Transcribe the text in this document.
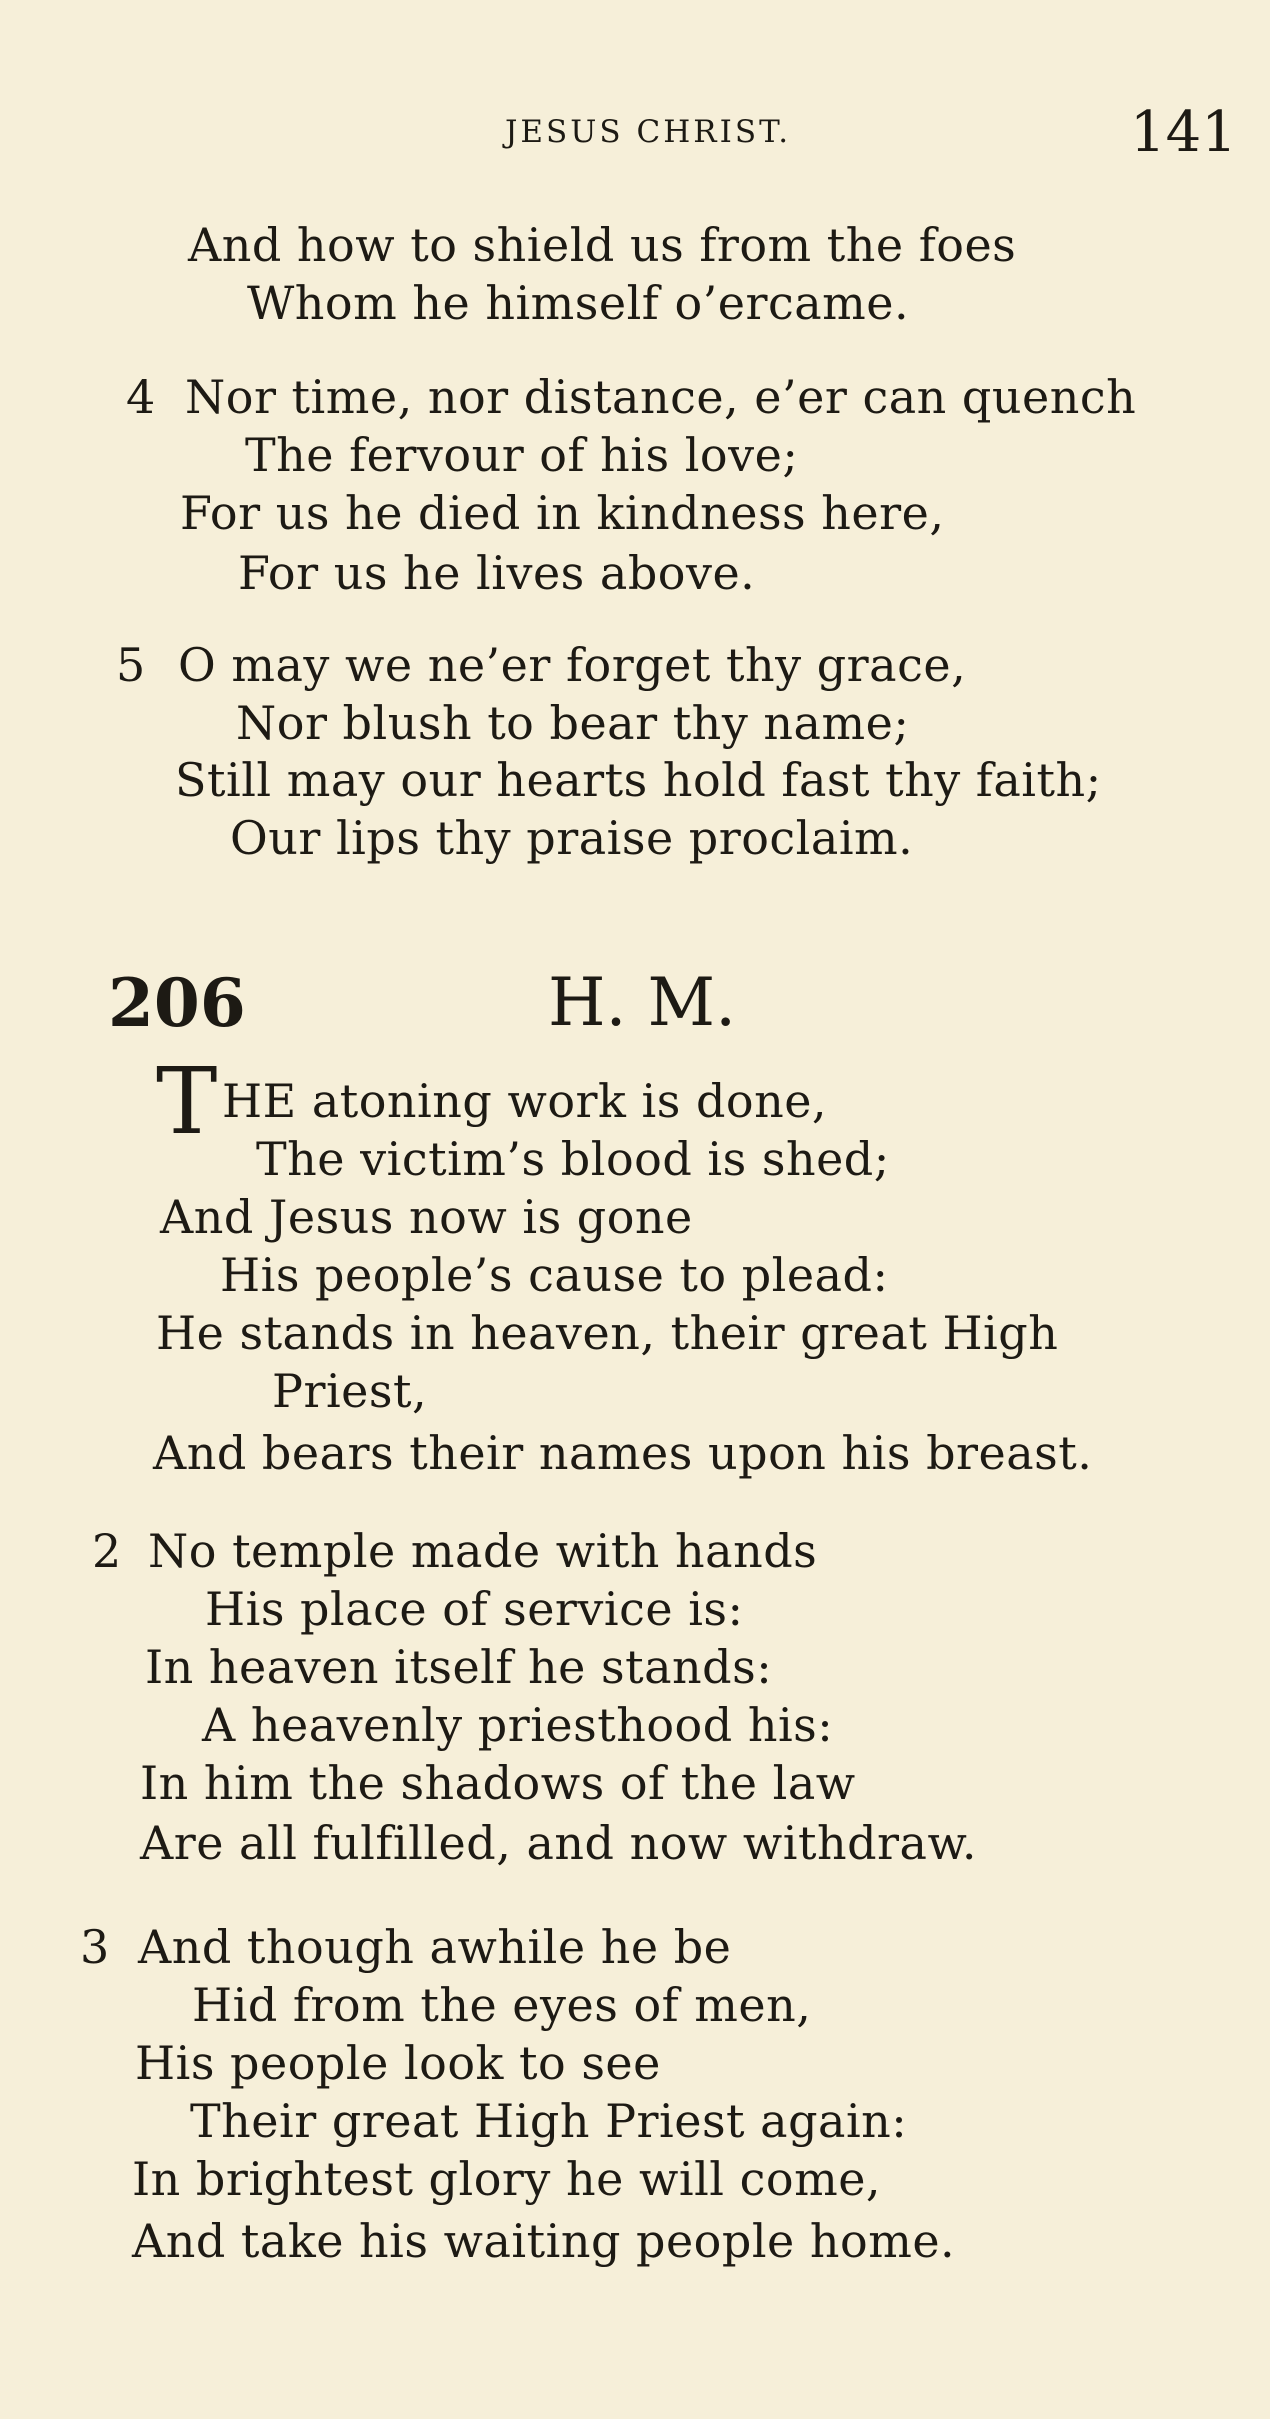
JESUS CHRIST.	141
And how to shield us from the foes
Whom he himself o’ercame.
4 Nor time, nor distance, e’er can quench
The fervour of his love;
For us he died in kindness here,
For us he lives above.
5 O may we ne’er forget thy grace,
Nor blush to bear thy name;
Still may our hearts hold fast thy faith;
Our lips thy praise proclaim.
206	H. M.
T HE atoning work is done,
The victim’s blood is shed;
And Jesus now is gone
His people’s cause to plead:
He stands in heaven, their great High
Priest,
And bears their names upon his breast.
2 No temple made with hands
His place of service is:
In heaven itself he stands:
A heavenly priesthood his:
In him the shadows of the law
Are all fulfilled, and now withdraw.
3 And though awhile he be
Hid from the eyes of men,
His people look to see
Their great High Priest again:
In brightest glory he will come,
And take his waiting people home.
